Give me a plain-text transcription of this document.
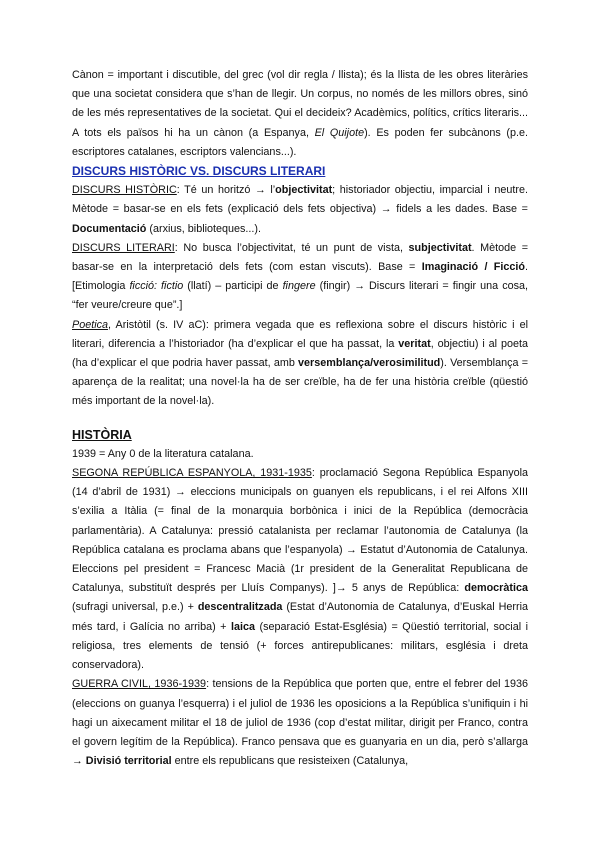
Cànon = important i discutible, del grec (vol dir regla / llista); és la llista de les obres literàries que una societat considera que s’han de llegir. Un corpus, no només de les millors obres, sinó de les més representatives de la societat. Qui el decideix? Acadèmics, polítics, crítics literaris... A tots els països hi ha un cànon (a Espanya, El Quijote). Es poden fer subcànons (p.e. escriptores catalanes, escriptors valencians...).

DISCURS HISTÒRIC VS. DISCURS LITERARI

DISCURS HISTÒRIC: Té un horitzó → l’objectivitat; historiador objectiu, imparcial i neutre. Mètode = basar-se en els fets (explicació dels fets objectiva) → fidels a les dades. Base = Documentació (arxius, biblioteques...).

DISCURS LITERARI: No busca l’objectivitat, té un punt de vista, subjectivitat. Mètode = basar-se en la interpretació dels fets (com estan viscuts). Base = Imaginació / Ficció. [Etimologia ficció: fictio (llatí) – participi de fingere (fingir) → Discurs literari = fingir una cosa, “fer veure/creure que”.]

Poetica, Aristòtil (s. IV aC): primera vegada que es reflexiona sobre el discurs històric i el literari, diferencia a l’historiador (ha d’explicar el que ha passat, la veritat, objectiu) i al poeta (ha d’explicar el que podria haver passat, amb versemblança/verosimilitud). Versemblança = aparença de la realitat; una novel·la ha de ser creïble, ha de fer una història creïble (qüestió més important de la novel·la).

HISTÒRIA

1939 = Any 0 de la literatura catalana.

SEGONA REPÚBLICA ESPANYOLA, 1931-1935: proclamació Segona República Espanyola (14 d’abril de 1931) → eleccions municipals on guanyen els republicans, i el rei Alfons XIII s’exilia a Itàlia (= final de la monarquia borbònica i inici de la República (democràcia parlamentària). A Catalunya: pressió catalanista per reclamar l’autonomia de Catalunya (la República catalana es proclama abans que l’espanyola) → Estatut d’Autonomia de Catalunya. Eleccions pel president = Francesc Macià (1r president de la Generalitat Republicana de Catalunya, substituït després per Lluís Companys). ]→ 5 anys de República: democràtica (sufragi universal, p.e.) + descentralitzada (Estat d’Autonomia de Catalunya, d’Euskal Herria més tard, i Galícia no arriba) + laica (separació Estat-Església) = Qüestió territorial, social i religiosa, tres elements de tensió (+ forces antirepublicanes: militars, església i dreta conservadora).

GUERRA CIVIL, 1936-1939: tensions de la República que porten que, entre el febrer del 1936 (eleccions on guanya l’esquerra) i el juliol de 1936 les oposicions a la República s’unifiquin i hi hagi un aixecament militar el 18 de juliol de 1936 (cop d’estat militar, dirigit per Franco, contra el govern legítim de la República). Franco pensava que es guanyaria en un dia, però s’allarga → Divisió territorial entre els republicans que resisteixen (Catalunya,
